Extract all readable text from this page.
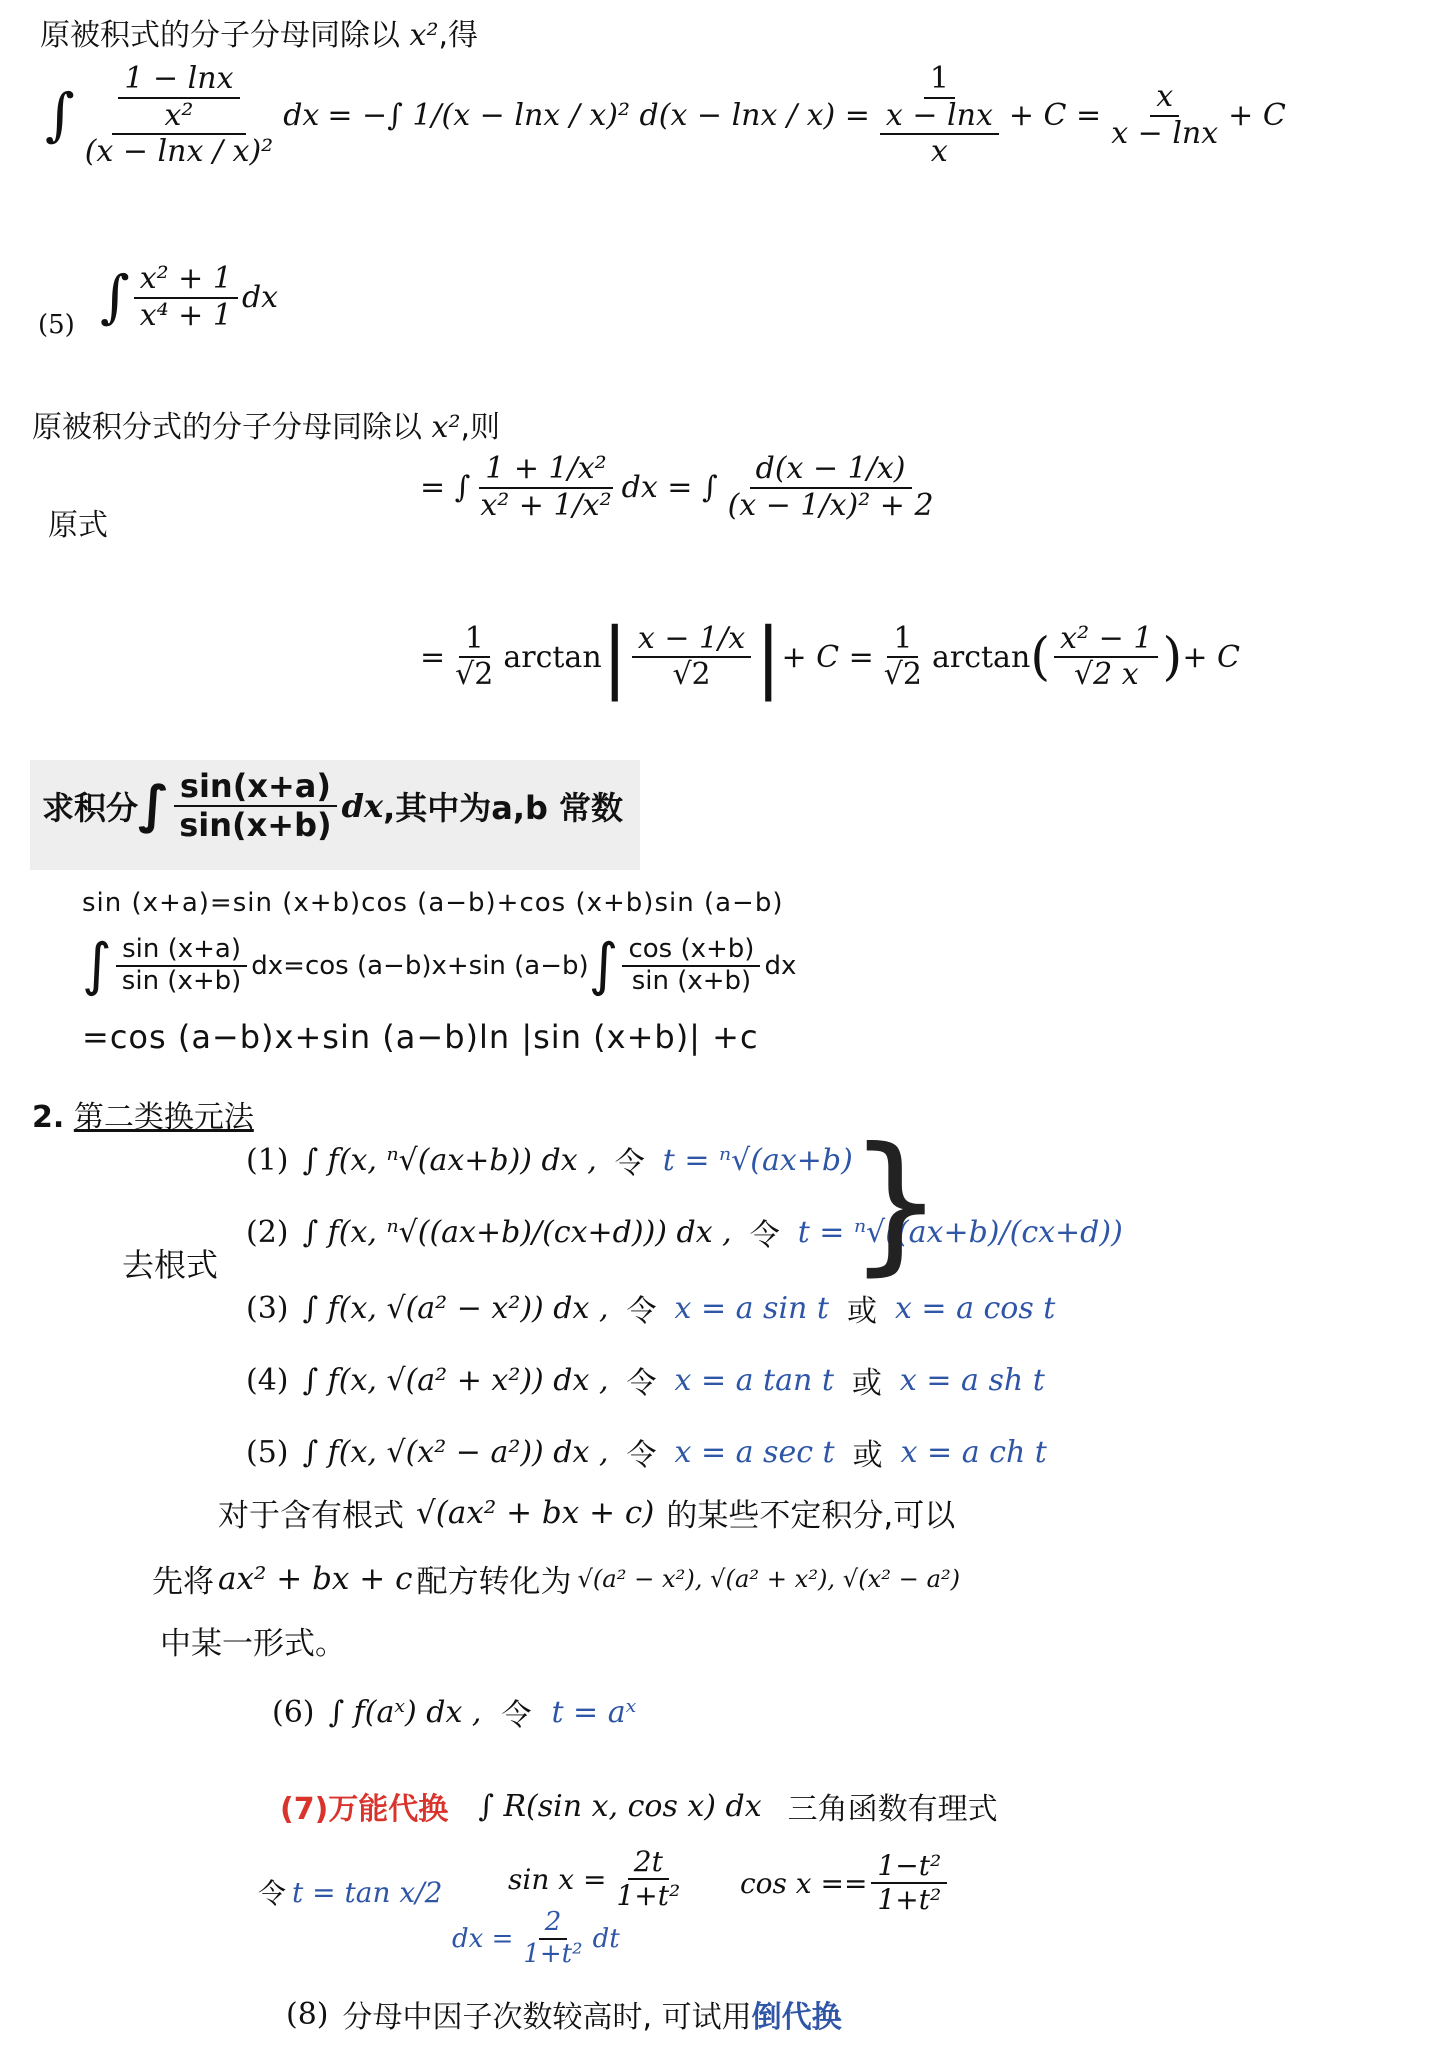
原被积式的分子分母同除以 x²,得
∫ $\frac{\frac{1 - \ln x}{\text{x²}}}{\text{(x − lnx / x)²}}$ d x = −∫ 1/(x − lnx / x)² $d(x - \ln x / x) = \frac{1}{\frac{x - \ln x}{x}} + C = \frac{x}{x - \ln x} + C$
(5) ∫ $\frac{\text{x² + 1}}{\text{x⁴ + 1}}$ dx
原被积分式的分子分母同除以 x²,则
原式
= ∫ $\frac{\text{1 + 1/x²}}{\text{x² + 1/x²}}$ dx = ∫ $\frac{d(x - 1/x)}{\text{(x − 1/x)² + 2}}$
= $\frac{1}{√2}$ arctan | $\frac{x - 1/x}{√2}$ | + $C = \frac{1}{√2}$ arctan ( $\frac{\text{x² − 1}}{√2 x}$ ) + C
求积分 ∫ $\frac{\sin(x+a)}{\sin(x+b)}$ dx ,其中为a,b 常数
sin (x+a)=sin (x+b)cos (a−b)+cos (x+b)sin (a−b)
∫ $\frac{\sin (x+a)}{\sin (x+b)} dx=\cos$ (a−b)x+sin (a−b) ∫ $\frac{\cos (x+b)}{\sin (x+b)}$ dx
=cos (a−b)x+sin (a−b)ln |sin (x+b)| +c
2. 第二类换元法
去根式
(1) ∫ f(x, ⁿ√(ax+b)) dx , 令 t = ⁿ√(ax+b)
(2) ∫ f(x, ⁿ√((ax+b)/(cx+d))) dx , 令 t = ⁿ√((ax+b)/(cx+d))
(3) ∫ f(x, √(a² − x²)) dx , 令 x = a sin t 或 x = a cos t
(4) ∫ f(x, √(a² + x²)) dx , 令 x = a tan t 或 x = a sh t
(5) ∫ f(x, √(x² − a²)) dx , 令 x = a sec t 或 x = a ch t
}
对于含有根式 √(ax² + bx + c) 的某些不定积分,可以
先将 ax² + bx + c 配方转化为 √(a² − x²), √(a² + x²), √(x² − a²)
中某一形式。
(6) ∫ f(aˣ) dx , 令 t = aˣ
(7)万能代换 ∫ R(sin x, cos x) dx 三角函数有理式
令 t = tan x/2 $\sin x = \frac{2t}{\text{1+t²}}$ $\cos x == \frac{\text{1−t²}}{\text{1+t²}}$
dx = $\frac{2}{\text{1+t²}}$ dt
(8) 分母中因子次数较高时, 可试用 倒代换
